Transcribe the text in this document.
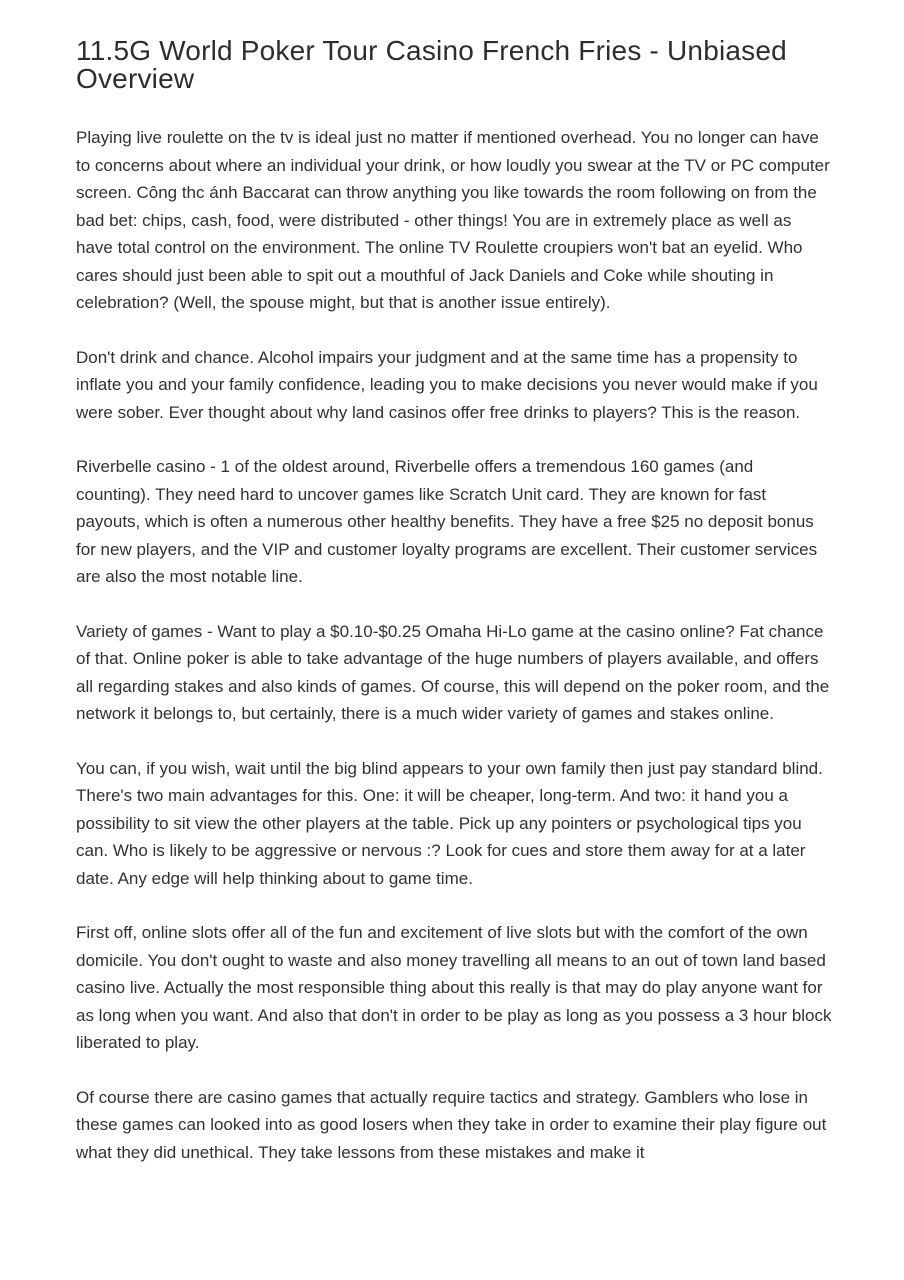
11.5G World Poker Tour Casino French Fries - Unbiased Overview

Playing live roulette on the tv is ideal just no matter if mentioned overhead. You no longer can have to concerns about where an individual your drink, or how loudly you swear at the TV or PC computer screen. Công thc ánh Baccarat can throw anything you like towards the room following on from the bad bet: chips, cash, food, were distributed - other things! You are in extremely place as well as have total control on the environment. The online TV Roulette croupiers won't bat an eyelid. Who cares should just been able to spit out a mouthful of Jack Daniels and Coke while shouting in celebration? (Well, the spouse might, but that is another issue entirely).

Don't drink and chance. Alcohol impairs your judgment and at the same time has a propensity to inflate you and your family confidence, leading you to make decisions you never would make if you were sober. Ever thought about why land casinos offer free drinks to players? This is the reason.

Riverbelle casino - 1 of the oldest around, Riverbelle offers a tremendous 160 games (and counting). They need hard to uncover games like Scratch Unit card. They are known for fast payouts, which is often a numerous other healthy benefits. They have a free $25 no deposit bonus for new players, and the VIP and customer loyalty programs are excellent. Their customer services are also the most notable line.

Variety of games - Want to play a $0.10-$0.25 Omaha Hi-Lo game at the casino online? Fat chance of that. Online poker is able to take advantage of the huge numbers of players available, and offers all regarding stakes and also kinds of games. Of course, this will depend on the poker room, and the network it belongs to, but certainly, there is a much wider variety of games and stakes online.

You can, if you wish, wait until the big blind appears to your own family then just pay standard blind. There's two main advantages for this. One: it will be cheaper, long-term. And two: it hand you a possibility to sit view the other players at the table. Pick up any pointers or psychological tips you can. Who is likely to be aggressive or nervous :? Look for cues and store them away for at a later date. Any edge will help thinking about to game time.

First off, online slots offer all of the fun and excitement of live slots but with the comfort of the own domicile. You don't ought to waste and also money travelling all means to an out of town land based casino live. Actually the most responsible thing about this really is that may do play anyone want for as long when you want. And also that don't in order to be play as long as you possess a 3 hour block liberated to play.

Of course there are casino games that actually require tactics and strategy. Gamblers who lose in these games can looked into as good losers when they take in order to examine their play figure out what they did unethical. They take lessons from these mistakes and make it
